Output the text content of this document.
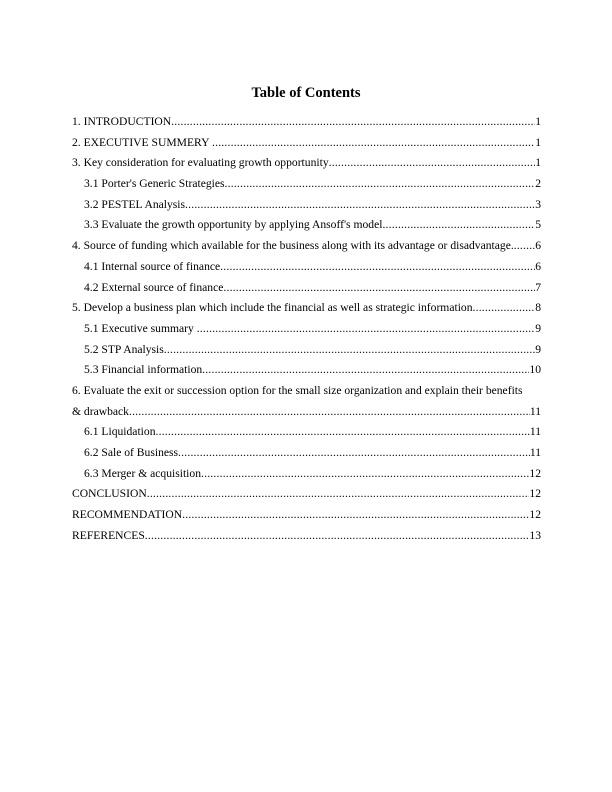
Table of Contents
1. INTRODUCTION .....	1
2. EXECUTIVE SUMMERY .....	1
3. Key consideration for evaluating growth opportunity .....	1
3.1 Porter's Generic Strategies .....	2
3.2 PESTEL Analysis .....	3
3.3 Evaluate the growth opportunity by applying Ansoff's model .....	5
4. Source of funding which available for the business along with its advantage or disadvantage. ..... 6
4.1 Internal source of finance .....	6
4.2 External source of finance .....	7
5. Develop a business plan which include the financial as well as strategic information .....	8
5.1 Executive summary .....	9
5.2 STP Analysis .....	9
5.3 Financial information .....	10
6. Evaluate the exit or succession option for the small size organization and explain their benefits
& drawback .....	11
6.1 Liquidation .....	11
6.2 Sale of Business .....	11
6.3 Merger & acquisition .....	12
CONCLUSION .....	12
RECOMMENDATION .....	12
REFERENCES .....	13
